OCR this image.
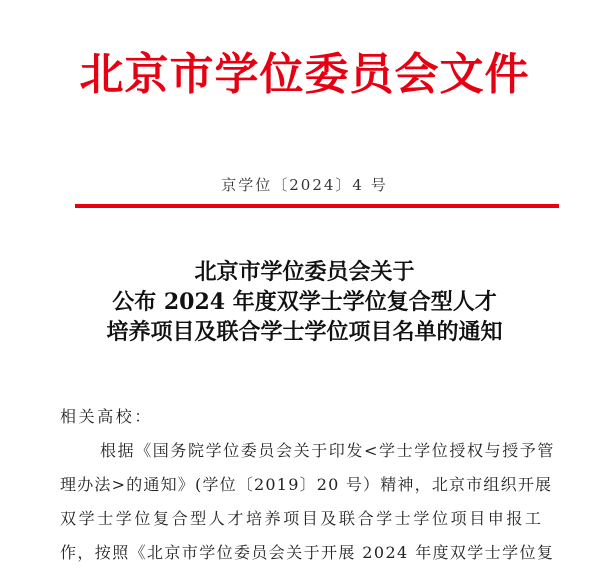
北京市学位委员会文件
京学位〔2024〕4 号
北京市学位委员会关于
公布 2024 年度双学士学位复合型人才
培养项目及联合学士学位项目名单的通知
相关高校：
根据《国务院学位委员会关于印发<学士学位授权与授予管
理办法>的通知》(学位〔2019〕20 号）精神，北京市组织开展
双学士学位复合型人才培养项目及联合学士学位项目申报工
作，按照《北京市学位委员会关于开展 2024 年度双学士学位复
